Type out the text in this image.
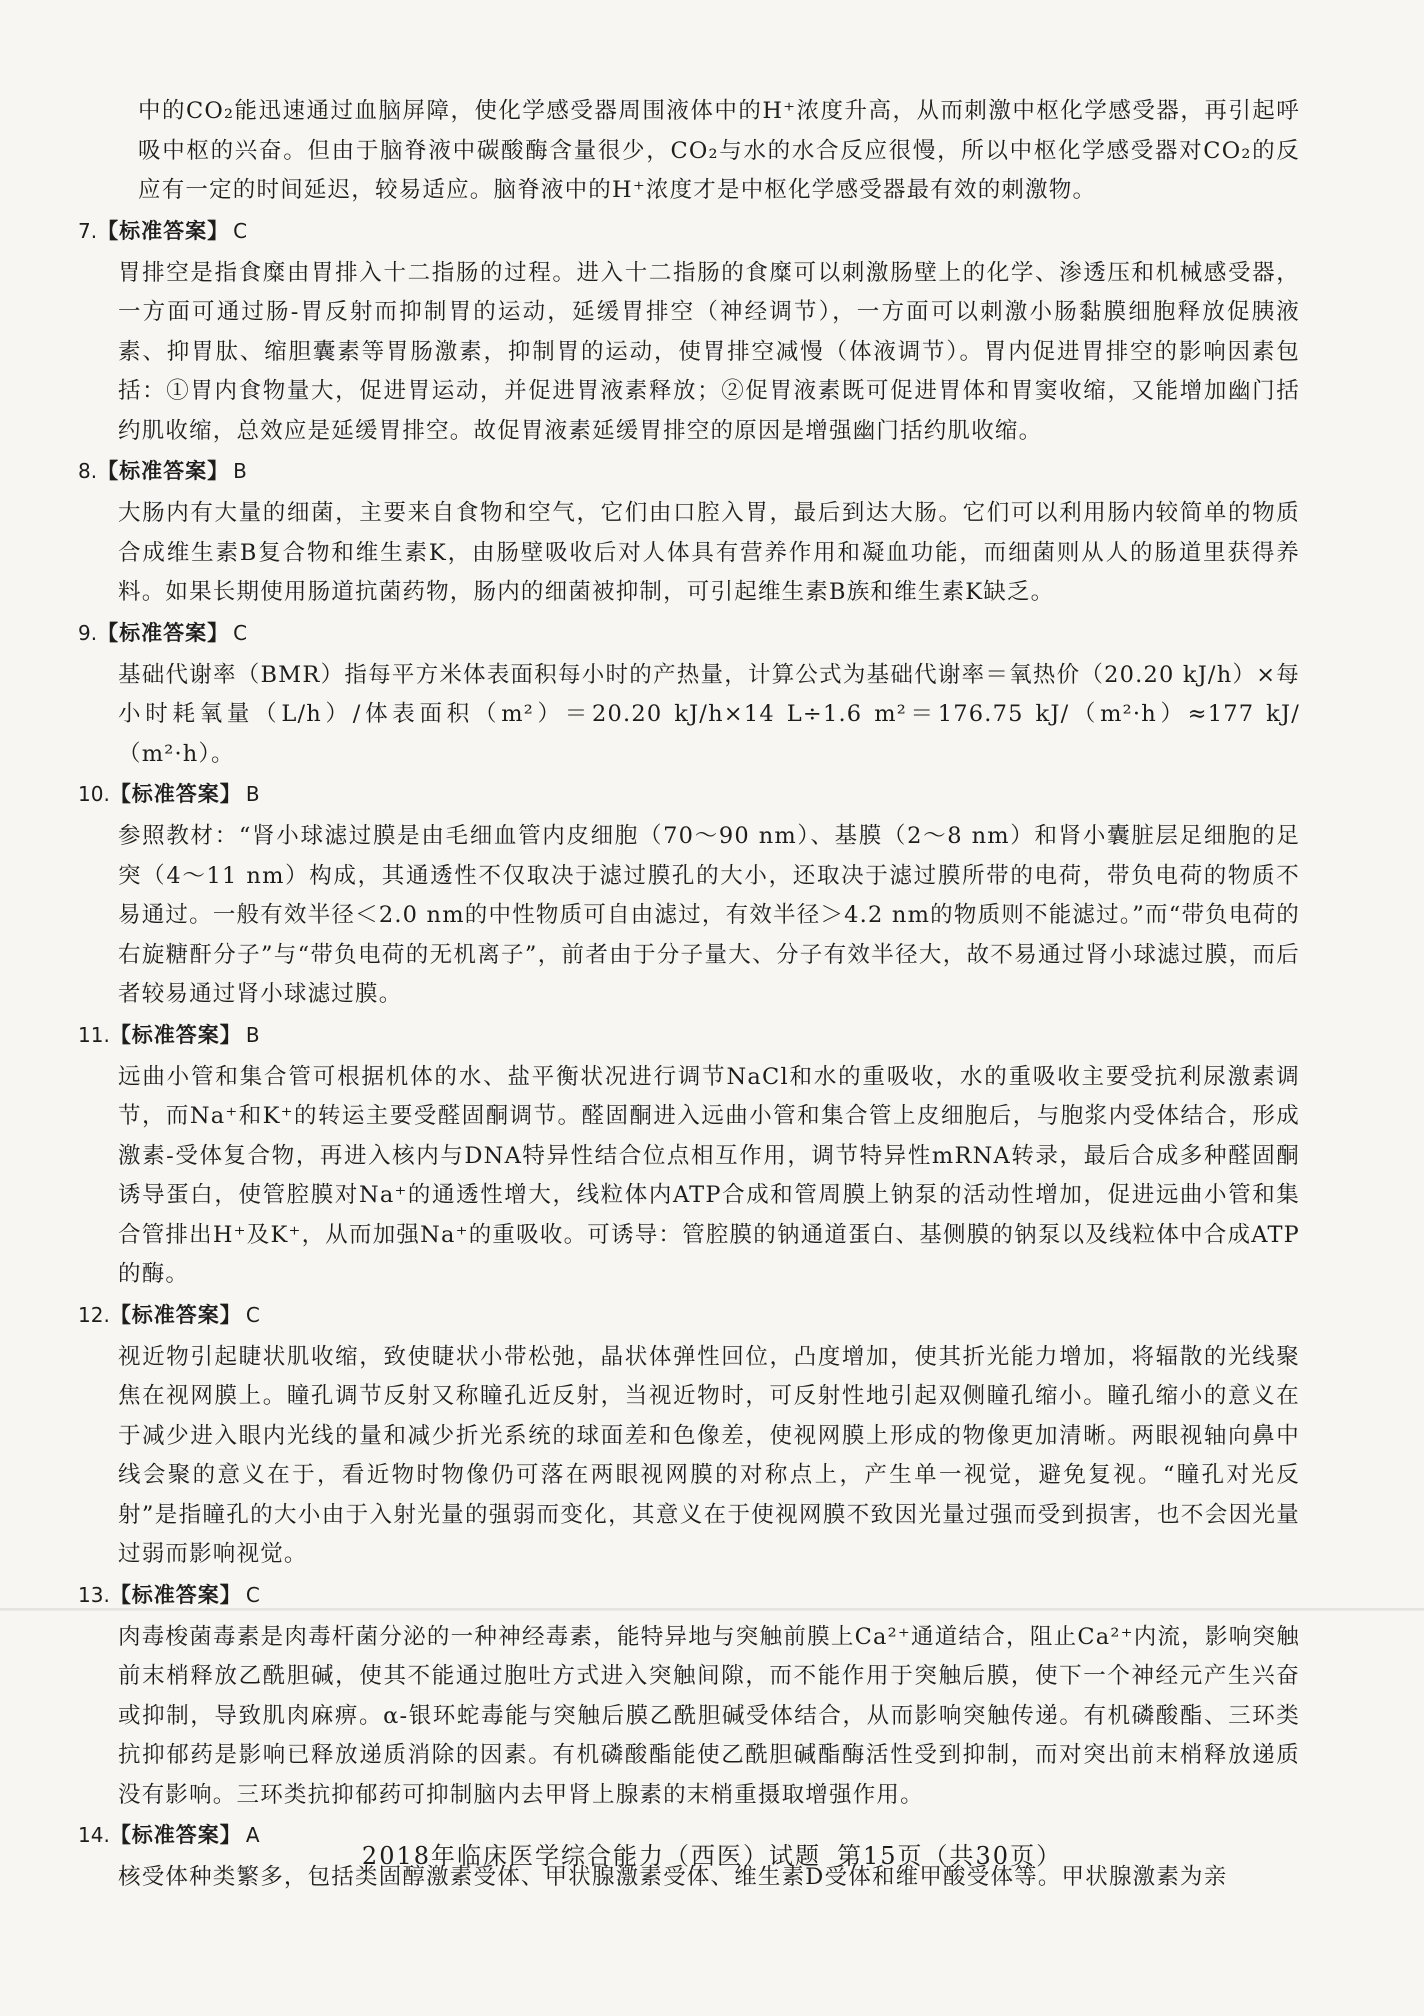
中的CO₂能迅速通过血脑屏障，使化学感受器周围液体中的H⁺浓度升高，从而刺激中枢化学感受器，再引起呼吸中枢的兴奋。但由于脑脊液中碳酸酶含量很少，CO₂与水的水合反应很慢，所以中枢化学感受器对CO₂的反应有一定的时间延迟，较易适应。脑脊液中的H⁺浓度才是中枢化学感受器最有效的刺激物。

7.【标准答案】 C

胃排空是指食糜由胃排入十二指肠的过程。进入十二指肠的食糜可以刺激肠壁上的化学、渗透压和机械感受器，一方面可通过肠-胃反射而抑制胃的运动，延缓胃排空（神经调节），一方面可以刺激小肠黏膜细胞释放促胰液素、抑胃肽、缩胆囊素等胃肠激素，抑制胃的运动，使胃排空减慢（体液调节）。胃内促进胃排空的影响因素包括：①胃内食物量大，促进胃运动，并促进胃液素释放；②促胃液素既可促进胃体和胃窦收缩，又能增加幽门括约肌收缩，总效应是延缓胃排空。故促胃液素延缓胃排空的原因是增强幽门括约肌收缩。

8.【标准答案】 B

大肠内有大量的细菌，主要来自食物和空气，它们由口腔入胃，最后到达大肠。它们可以利用肠内较简单的物质合成维生素B复合物和维生素K，由肠壁吸收后对人体具有营养作用和凝血功能，而细菌则从人的肠道里获得养料。如果长期使用肠道抗菌药物，肠内的细菌被抑制，可引起维生素B族和维生素K缺乏。

9.【标准答案】 C

基础代谢率（BMR）指每平方米体表面积每小时的产热量，计算公式为基础代谢率＝氧热价（20.20 kJ/h）×每小时耗氧量（L/h）/体表面积（m²）＝20.20 kJ/h×14 L÷1.6 m²＝176.75 kJ/（m²·h）≈177 kJ/（m²·h）。

10.【标准答案】 B

参照教材：“肾小球滤过膜是由毛细血管内皮细胞（70～90 nm）、基膜（2～8 nm）和肾小囊脏层足细胞的足突（4～11 nm）构成，其通透性不仅取决于滤过膜孔的大小，还取决于滤过膜所带的电荷，带负电荷的物质不易通过。一般有效半径＜2.0 nm的中性物质可自由滤过，有效半径＞4.2 nm的物质则不能滤过。”而“带负电荷的右旋糖酐分子”与“带负电荷的无机离子”，前者由于分子量大、分子有效半径大，故不易通过肾小球滤过膜，而后者较易通过肾小球滤过膜。

11.【标准答案】 B

远曲小管和集合管可根据机体的水、盐平衡状况进行调节NaCl和水的重吸收，水的重吸收主要受抗利尿激素调节，而Na⁺和K⁺的转运主要受醛固酮调节。醛固酮进入远曲小管和集合管上皮细胞后，与胞浆内受体结合，形成激素-受体复合物，再进入核内与DNA特异性结合位点相互作用，调节特异性mRNA转录，最后合成多种醛固酮诱导蛋白，使管腔膜对Na⁺的通透性增大，线粒体内ATP合成和管周膜上钠泵的活动性增加，促进远曲小管和集合管排出H⁺及K⁺，从而加强Na⁺的重吸收。可诱导：管腔膜的钠通道蛋白、基侧膜的钠泵以及线粒体中合成ATP的酶。

12.【标准答案】 C

视近物引起睫状肌收缩，致使睫状小带松弛，晶状体弹性回位，凸度增加，使其折光能力增加，将辐散的光线聚焦在视网膜上。瞳孔调节反射又称瞳孔近反射，当视近物时，可反射性地引起双侧瞳孔缩小。瞳孔缩小的意义在于减少进入眼内光线的量和减少折光系统的球面差和色像差，使视网膜上形成的物像更加清晰。两眼视轴向鼻中线会聚的意义在于，看近物时物像仍可落在两眼视网膜的对称点上，产生单一视觉，避免复视。“瞳孔对光反射”是指瞳孔的大小由于入射光量的强弱而变化，其意义在于使视网膜不致因光量过强而受到损害，也不会因光量过弱而影响视觉。

13.【标准答案】 C

肉毒梭菌毒素是肉毒杆菌分泌的一种神经毒素，能特异地与突触前膜上Ca²⁺通道结合，阻止Ca²⁺内流，影响突触前末梢释放乙酰胆碱，使其不能通过胞吐方式进入突触间隙，而不能作用于突触后膜，使下一个神经元产生兴奋或抑制，导致肌肉麻痹。α-银环蛇毒能与突触后膜乙酰胆碱受体结合，从而影响突触传递。有机磷酸酯、三环类抗抑郁药是影响已释放递质消除的因素。有机磷酸酯能使乙酰胆碱酯酶活性受到抑制，而对突出前末梢释放递质没有影响。三环类抗抑郁药可抑制脑内去甲肾上腺素的末梢重摄取增强作用。

14.【标准答案】 A

核受体种类繁多，包括类固醇激素受体、甲状腺激素受体、维生素D受体和维甲酸受体等。甲状腺激素为亲

2018年临床医学综合能力（西医）试题 第15页（共30页）
